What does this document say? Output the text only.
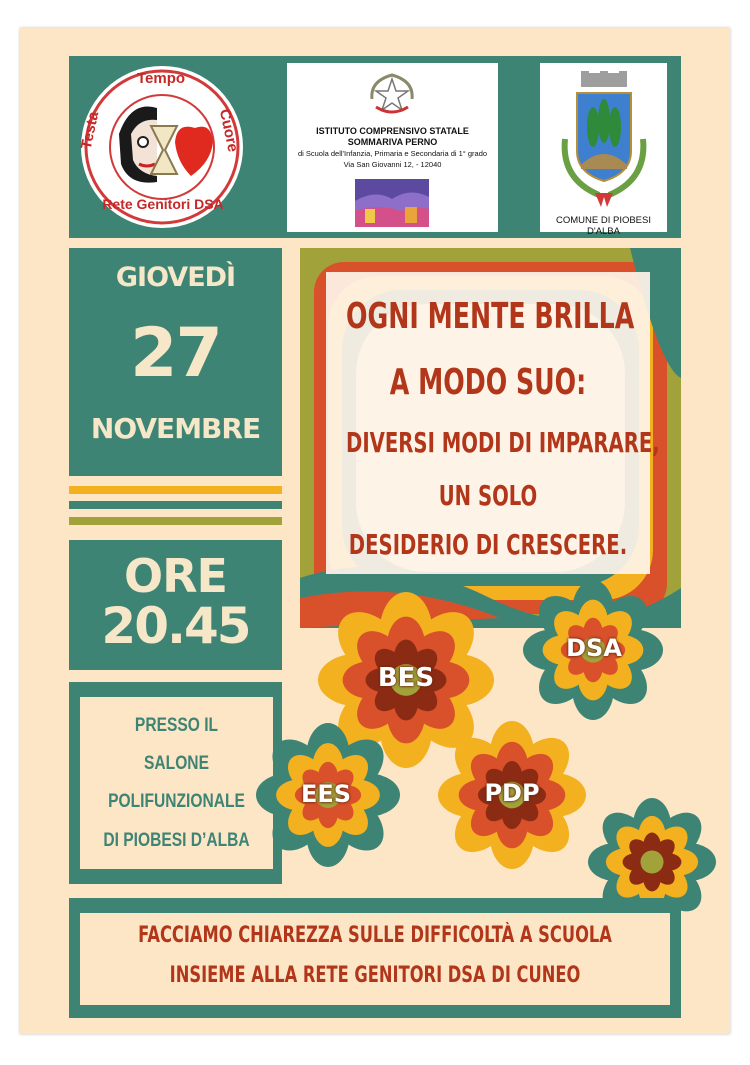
Tempo
Testa	Cuore
Rete Genitori DSA
ISTITUTO COMPRENSIVO STATALE
SOMMARIVA PERNO
di Scuola dell'Infanzia, Primaria e Secondaria di 1° grado
Via San Giovanni 12, - 12040
COMUNE DI PIOBESI D'ALBA
GIOVEDÌ
27
NOVEMBRE
ORE
20.45
PRESSO IL
SALONE
POLIFUNZIONALE
DI PIOBESI D’ALBA
OGNI MENTE BRILLA
A MODO SUO:
DIVERSI MODI DI IMPARARE,
UN SOLO
DESIDERIO DI CRESCERE.
BES
DSA
EES	PDP
FACCIAMO CHIAREZZA SULLE DIFFICOLTÀ A SCUOLA
INSIEME ALLA RETE GENITORI DSA DI CUNEO
